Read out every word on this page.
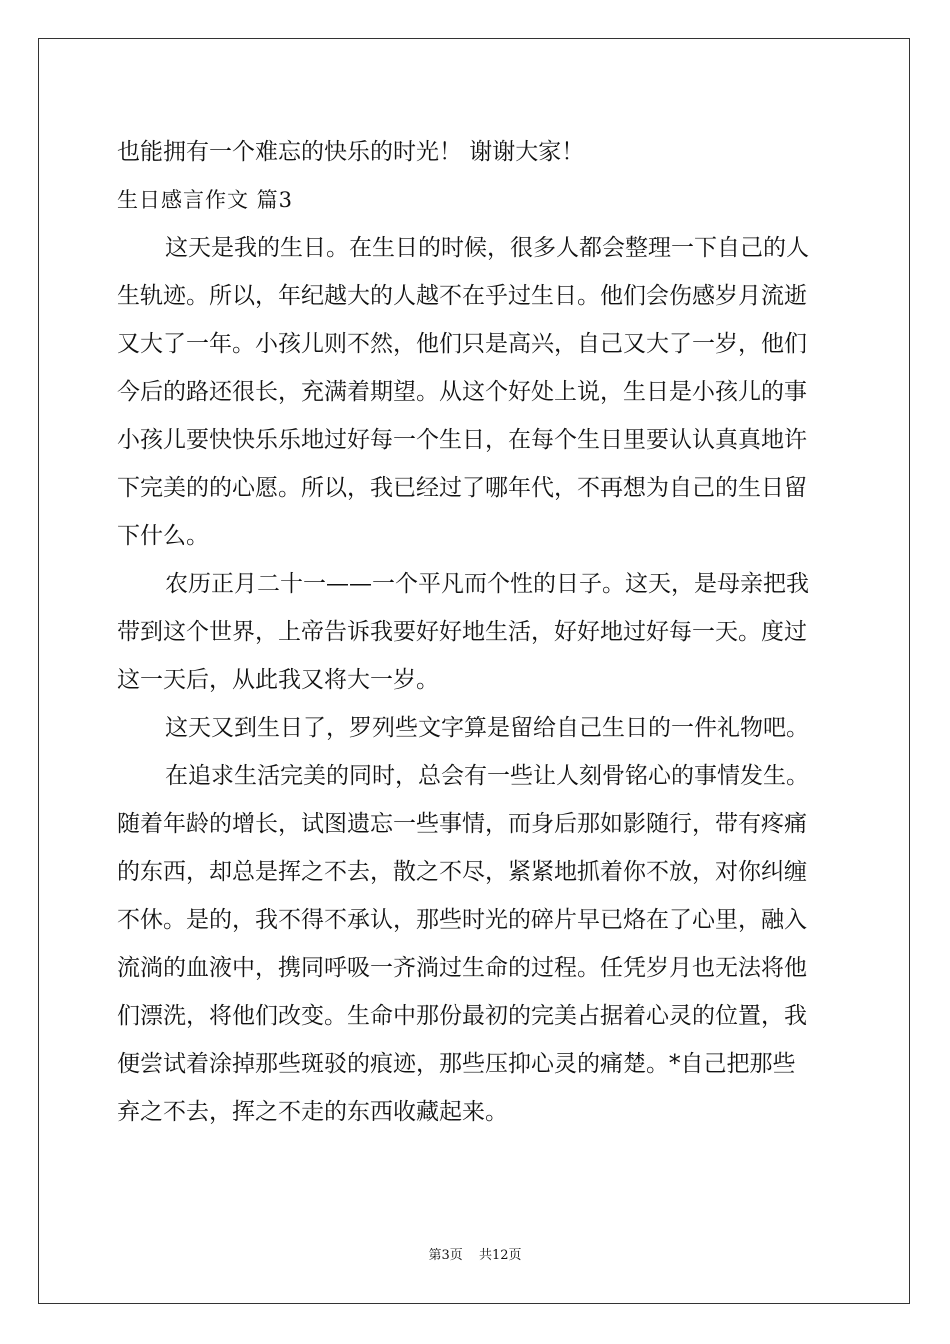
也能拥有一个难忘的快乐的时光！ 谢谢大家！
生日感言作文 篇3
这天是我的生日。在生日的时候，很多人都会整理一下自己的人
生轨迹。所以，年纪越大的人越不在乎过生日。他们会伤感岁月流逝
又大了一年。小孩儿则不然，他们只是高兴，自己又大了一岁，他们
今后的路还很长，充满着期望。从这个好处上说，生日是小孩儿的事
小孩儿要快快乐乐地过好每一个生日，在每个生日里要认认真真地许
下完美的的心愿。所以，我已经过了哪年代，不再想为自己的生日留
下什么。
农历正月二十一——一个平凡而个性的日子。这天，是母亲把我
带到这个世界，上帝告诉我要好好地生活，好好地过好每一天。度过
这一天后，从此我又将大一岁。
这天又到生日了，罗列些文字算是留给自己生日的一件礼物吧。
在追求生活完美的同时，总会有一些让人刻骨铭心的事情发生。
随着年龄的增长，试图遗忘一些事情，而身后那如影随行，带有疼痛
的东西，却总是挥之不去，散之不尽，紧紧地抓着你不放，对你纠缠
不休。是的，我不得不承认，那些时光的碎片早已烙在了心里，融入
流淌的血液中，携同呼吸一齐淌过生命的过程。任凭岁月也无法将他
们漂洗，将他们改变。生命中那份最初的完美占据着心灵的位置，我
便尝试着涂掉那些斑驳的痕迹，那些压抑心灵的痛楚。*自己把那些
弃之不去，挥之不走的东西收藏起来。
第3页 共12页
